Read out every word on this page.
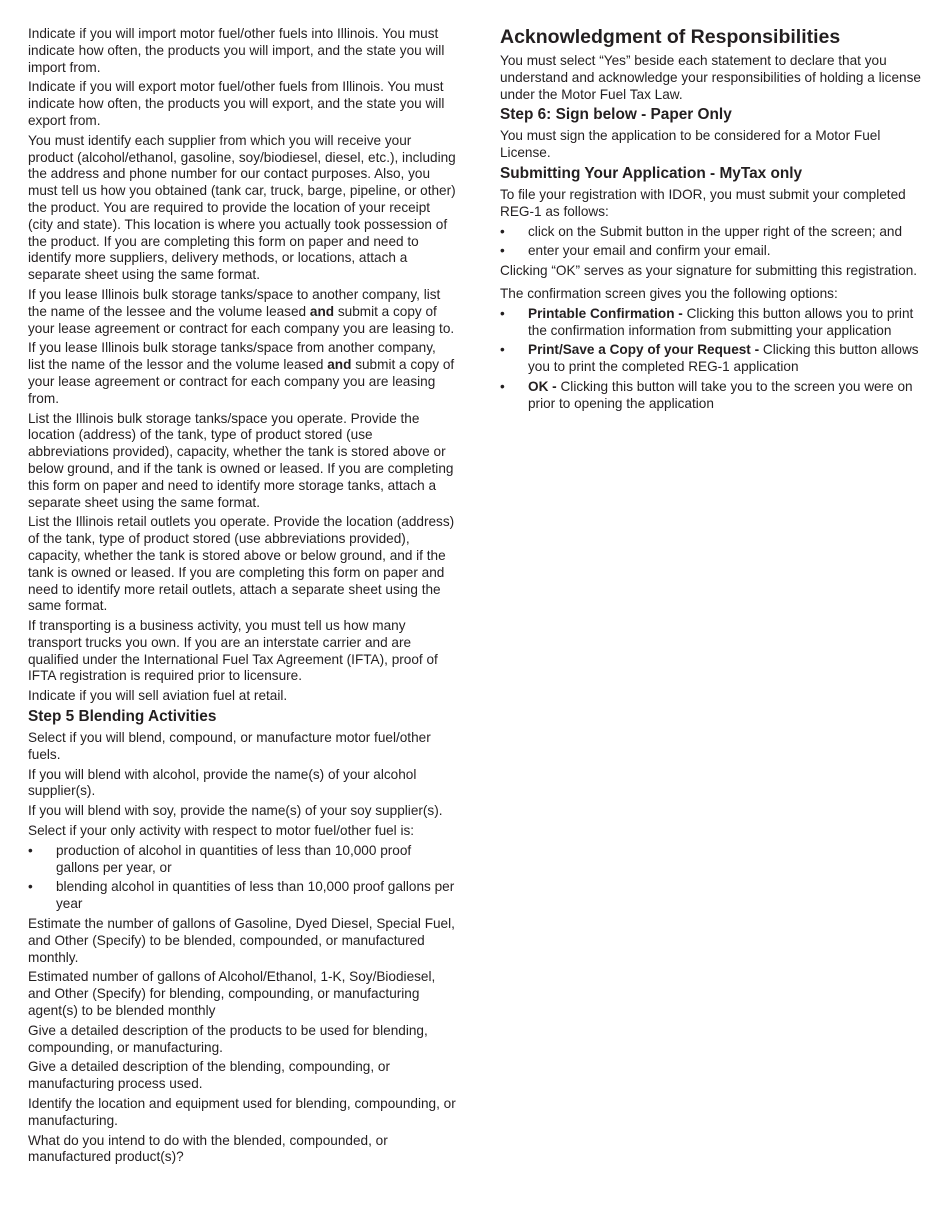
Indicate if you will import motor fuel/other fuels into Illinois. You must indicate how often, the products you will import, and the state you will import from.

Indicate if you will export motor fuel/other fuels from Illinois. You must indicate how often, the products you will export, and the state you will export from.

You must identify each supplier from which you will receive your product (alcohol/ethanol, gasoline, soy/biodiesel, diesel, etc.), including the address and phone number for our contact purposes. Also, you must tell us how you obtained (tank car, truck, barge, pipeline, or other) the product. You are required to provide the location of your receipt (city and state). This location is where you actually took possession of the product. If you are completing this form on paper and need to identify more suppliers, delivery methods, or locations, attach a separate sheet using the same format.

If you lease Illinois bulk storage tanks/space to another company, list the name of the lessee and the volume leased and submit a copy of your lease agreement or contract for each company you are leasing to.

If you lease Illinois bulk storage tanks/space from another company, list the name of the lessor and the volume leased and submit a copy of your lease agreement or contract for each company you are leasing from.

List the Illinois bulk storage tanks/space you operate. Provide the location (address) of the tank, type of product stored (use abbreviations provided), capacity, whether the tank is stored above or below ground, and if the tank is owned or leased. If you are completing this form on paper and need to identify more storage tanks, attach a separate sheet using the same format.

List the Illinois retail outlets you operate. Provide the location (address) of the tank, type of product stored (use abbreviations provided), capacity, whether the tank is stored above or below ground, and if the tank is owned or leased. If you are completing this form on paper and need to identify more retail outlets, attach a separate sheet using the same format.

If transporting is a business activity, you must tell us how many transport trucks you own. If you are an interstate carrier and are qualified under the International Fuel Tax Agreement (IFTA), proof of IFTA registration is required prior to licensure.

Indicate if you will sell aviation fuel at retail.

Step 5 Blending Activities

Select if you will blend, compound, or manufacture motor fuel/other fuels.

If you will blend with alcohol, provide the name(s) of your alcohol supplier(s).

If you will blend with soy, provide the name(s) of your soy supplier(s).

Select if your only activity with respect to motor fuel/other fuel is:

• production of alcohol in quantities of less than 10,000 proof gallons per year, or
• blending alcohol in quantities of less than 10,000 proof gallons per year

Estimate the number of gallons of Gasoline, Dyed Diesel, Special Fuel, and Other (Specify) to be blended, compounded, or manufactured monthly.

Estimated number of gallons of Alcohol/Ethanol, 1-K, Soy/Biodiesel, and Other (Specify) for blending, compounding, or manufacturing agent(s) to be blended monthly

Give a detailed description of the products to be used for blending, compounding, or manufacturing.

Give a detailed description of the blending, compounding, or manufacturing process used.

Identify the location and equipment used for blending, compounding, or manufacturing.

What do you intend to do with the blended, compounded, or manufactured product(s)?

Acknowledgment of Responsibilities

You must select “Yes” beside each statement to declare that you understand and acknowledge your responsibilities of holding a license under the Motor Fuel Tax Law.

Step 6: Sign below - Paper Only

You must sign the application to be considered for a Motor Fuel License.

Submitting Your Application - MyTax only

To file your registration with IDOR, you must submit your completed REG-1 as follows:

• click on the Submit button in the upper right of the screen; and
• enter your email and confirm your email.

Clicking “OK” serves as your signature for submitting this registration.

The confirmation screen gives you the following options:

• Printable Confirmation - Clicking this button allows you to print the confirmation information from submitting your application
• Print/Save a Copy of your Request - Clicking this button allows you to print the completed REG-1 application
• OK - Clicking this button will take you to the screen you were on prior to opening the application
